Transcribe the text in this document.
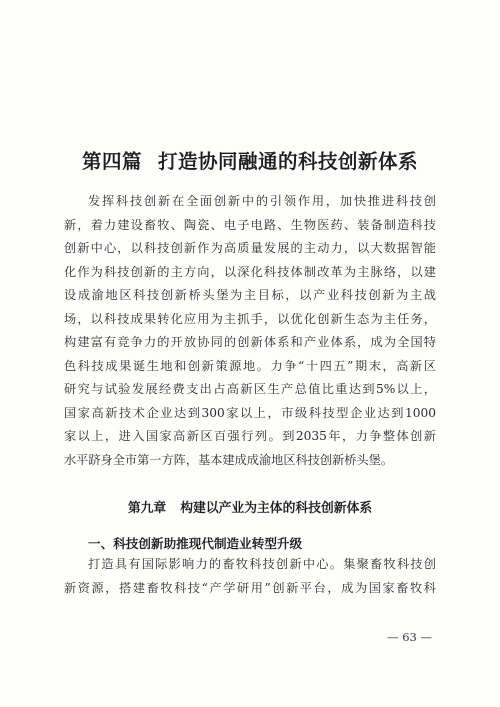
第四篇 打造协同融通的科技创新体系
发挥科技创新在全面创新中的引领作用，加快推进科技创
新，着力建设畜牧、陶瓷、电子电路、生物医药、装备制造科技
创新中心，以科技创新作为高质量发展的主动力，以大数据智能
化作为科技创新的主方向，以深化科技体制改革为主脉络，以建
设成渝地区科技创新桥头堡为主目标，以产业科技创新为主战
场，以科技成果转化应用为主抓手，以优化创新生态为主任务，
构建富有竞争力的开放协同的创新体系和产业体系，成为全国特
色科技成果诞生地和创新策源地。力争“十四五”期末，高新区
研究与试验发展经费支出占高新区生产总值比重达到5%以上，
国家高新技术企业达到300家以上，市级科技型企业达到1000
家以上，进入国家高新区百强行列。到2035年，力争整体创新
水平跻身全市第一方阵，基本建成成渝地区科技创新桥头堡。
第九章 构建以产业为主体的科技创新体系
一、科技创新助推现代制造业转型升级
打造具有国际影响力的畜牧科技创新中心。集聚畜牧科技创
新资源，搭建畜牧科技“产学研用”创新平台，成为国家畜牧科
— 63 —
